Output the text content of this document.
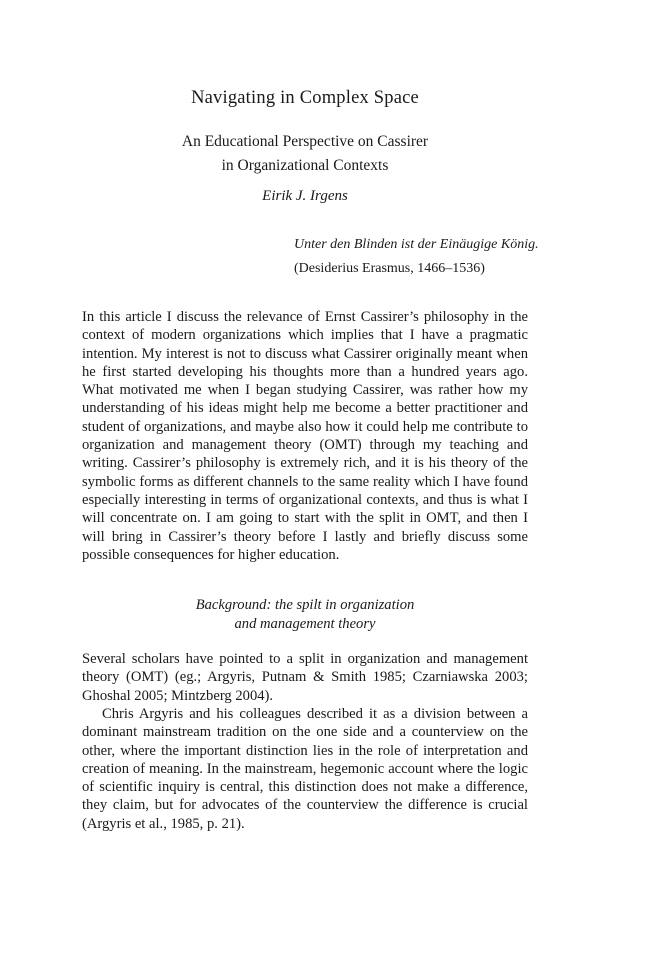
Navigating in Complex Space
An Educational Perspective on Cassirer
in Organizational Contexts
Eirik J. Irgens
Unter den Blinden ist der Einäugige König.
(Desiderius Erasmus, 1466–1536)

In this article I discuss the relevance of Ernst Cassirer’s philosophy in the context of modern organizations which implies that I have a pragmatic intention. My interest is not to discuss what Cassirer originally meant when he first started developing his thoughts more than a hundred years ago. What motivated me when I began studying Cassirer, was rather how my understanding of his ideas might help me become a better practitioner and student of organizations, and maybe also how it could help me contribute to organization and management theory (OMT) through my teaching and writing. Cassirer’s philosophy is extremely rich, and it is his theory of the symbolic forms as different channels to the same reality which I have found especially interesting in terms of organizational contexts, and thus is what I will concentrate on. I am going to start with the split in OMT, and then I will bring in Cassirer’s theory before I lastly and briefly discuss some possible consequences for higher education.

Background: the spilt in organization
and management theory

Several scholars have pointed to a split in organization and management theory (OMT) (eg.; Argyris, Putnam & Smith 1985; Czarniawska 2003; Ghoshal 2005; Mintzberg 2004).

Chris Argyris and his colleagues described it as a division between a dominant mainstream tradition on the one side and a counterview on the other, where the important distinction lies in the role of interpretation and creation of meaning. In the mainstream, hegemonic account where the logic of scientific inquiry is central, this distinction does not make a difference, they claim, but for advocates of the counterview the difference is crucial (Argyris et al., 1985, p. 21).
